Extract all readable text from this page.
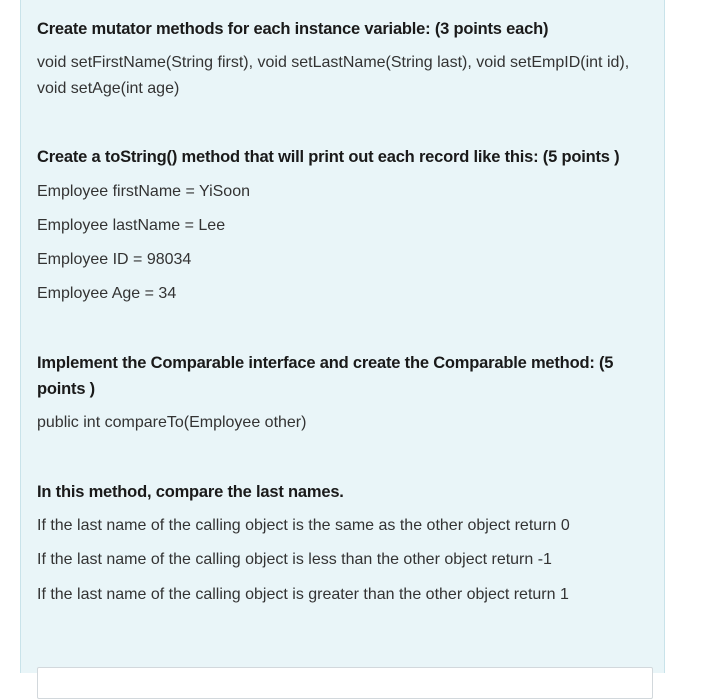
Create mutator methods for each instance variable: (3 points each)

void setFirstName(String first), void setLastName(String last), void setEmpID(int id), void setAge(int age)

Create a toString() method that will print out each record like this: (5 points )

Employee firstName = YiSoon

Employee lastName = Lee

Employee ID = 98034

Employee Age = 34

Implement the Comparable interface and create the Comparable method: (5 points )

public int compareTo(Employee other)

In this method, compare the last names.

If the last name of the calling object is the same as the other object return 0

If the last name of the calling object is less than the other object return -1

If the last name of the calling object is greater than the other object return 1
